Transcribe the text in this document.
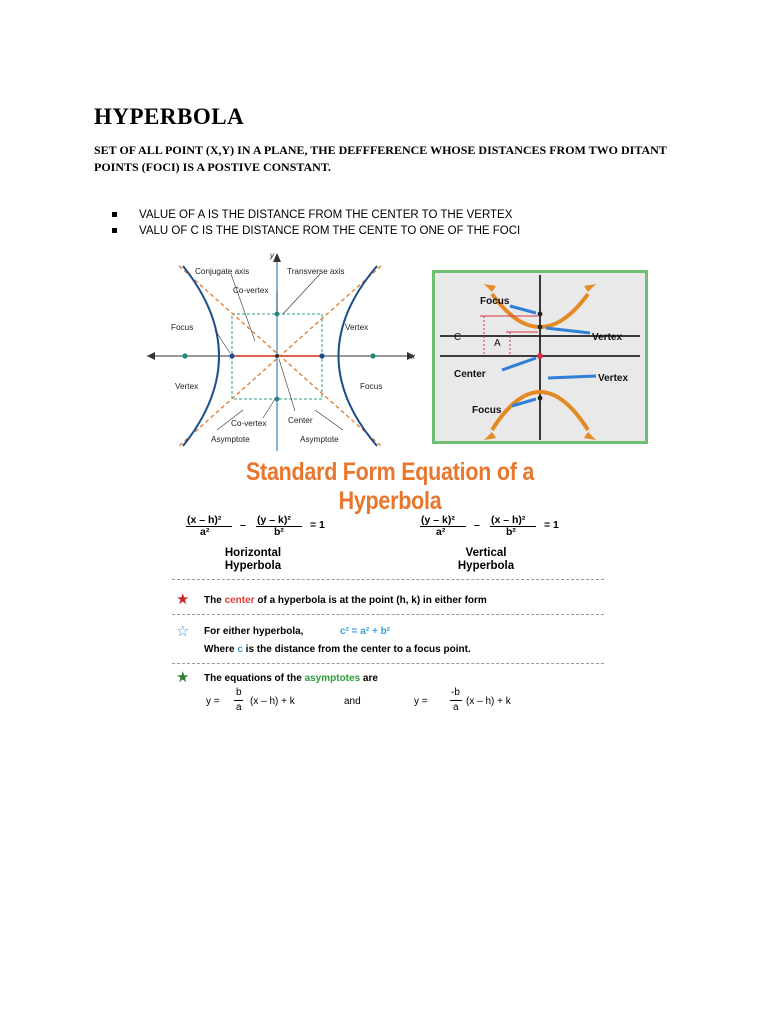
HYPERBOLA

SET OF ALL POINT (X,Y) IN A PLANE, THE DEFFFERENCE WHOSE DISTANCES FROM TWO DITANT POINTS (FOCI) IS A POSTIVE CONSTANT.

VALUE OF A IS THE DISTANCE FROM THE CENTER TO THE VERTEX
VALU OF C IS THE DISTANCE ROM THE CENTE TO ONE OF THE FOCI
y
x
Conjugate axis	Transverse axis
Co-vertex
Focus	Vertex
Vertex	Focus
Co-vertex	Center
Asymptote	Asymptote
Focus
Vertex
C
A
Center	Vertex
Focus
Standard Form Equation of a Hyperbola
(x – h)²
a²
– (y – k)²
b²
= 1
Horizontal
Hyperbola
(y – k)²
a²
– (x – h)²
b²
= 1
Vertical
Hyperbola
★ The center of a hyperbola is at the point (h, k) in either form
☆ For either hyperbola,	c² = a² + b²
Where c is the distance from the center to a focus point.
★ The equations of the asymptotes are
y =
b
a
(x – h) + k	and	y =
-b
a
(x – h) + k
